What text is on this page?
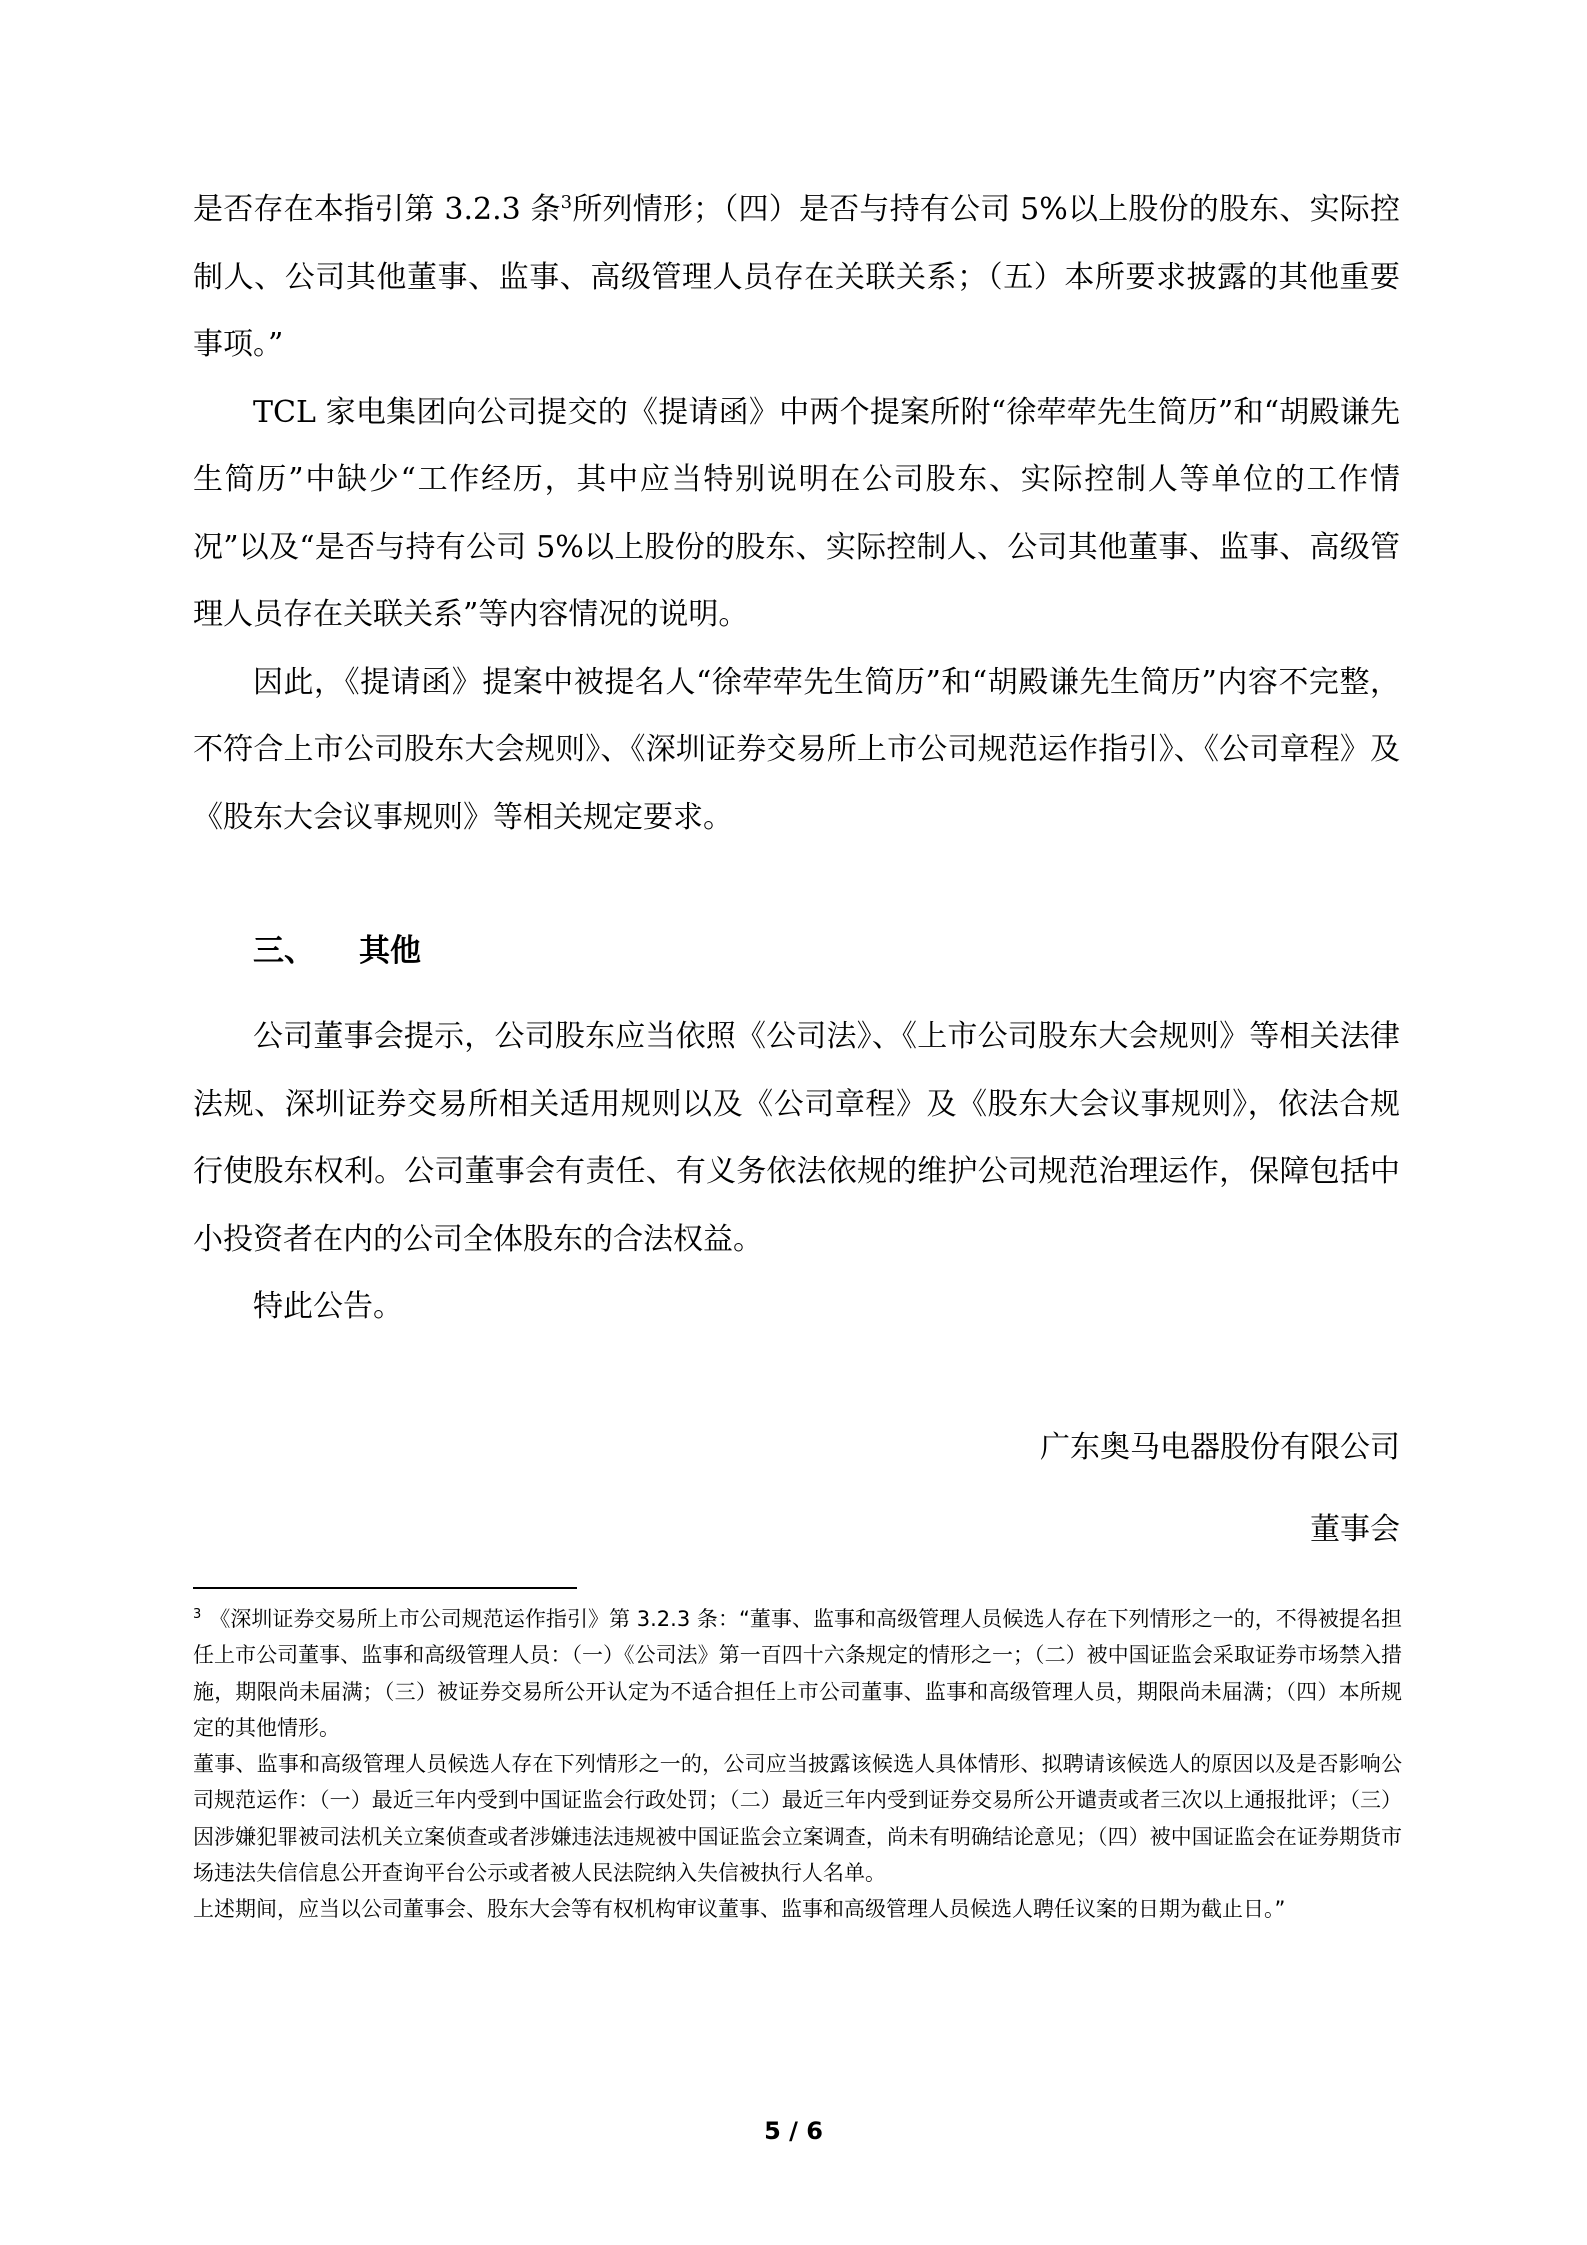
是否存在本指引第 3.2.3 条$^3$所列情形；（四）是否与持有公司 5%以上股份的股东、实际控制人、公司其他董事、监事、高级管理人员存在关联关系；（五）本所要求披露的其他重要事项。”

TCL 家电集团向公司提交的《提请函》中两个提案所附“徐荦荦先生简历”和“胡殿谦先生简历”中缺少“工作经历，其中应当特别说明在公司股东、实际控制人等单位的工作情况”以及“是否与持有公司 5%以上股份的股东、实际控制人、公司其他董事、监事、高级管理人员存在关联关系”等内容情况的说明。

因此，《提请函》提案中被提名人“徐荦荦先生简历”和“胡殿谦先生简历”内容不完整，不符合上市公司股东大会规则》、《深圳证券交易所上市公司规范运作指引》、《公司章程》及《股东大会议事规则》等相关规定要求。

三、 其他

公司董事会提示，公司股东应当依照《公司法》、《上市公司股东大会规则》等相关法律法规、深圳证券交易所相关适用规则以及《公司章程》及《股东大会议事规则》，依法合规行使股东权利。公司董事会有责任、有义务依法依规的维护公司规范治理运作，保障包括中小投资者在内的公司全体股东的合法权益。

特此公告。

广东奥马电器股份有限公司
董事会

$^3$ 《深圳证券交易所上市公司规范运作指引》第 3.2.3 条：“董事、监事和高级管理人员候选人存在下列情形之一的，不得被提名担任上市公司董事、监事和高级管理人员：（一）《公司法》第一百四十六条规定的情形之一；（二）被中国证监会采取证券市场禁入措施，期限尚未届满；（三）被证券交易所公开认定为不适合担任上市公司董事、监事和高级管理人员，期限尚未届满；（四）本所规定的其他情形。

董事、监事和高级管理人员候选人存在下列情形之一的，公司应当披露该候选人具体情形、拟聘请该候选人的原因以及是否影响公司规范运作：（一）最近三年内受到中国证监会行政处罚；（二）最近三年内受到证券交易所公开谴责或者三次以上通报批评；（三）因涉嫌犯罪被司法机关立案侦查或者涉嫌违法违规被中国证监会立案调查，尚未有明确结论意见；（四）被中国证监会在证券期货市场违法失信信息公开查询平台公示或者被人民法院纳入失信被执行人名单。

上述期间，应当以公司董事会、股东大会等有权机构审议董事、监事和高级管理人员候选人聘任议案的日期为截止日。”

5 / 6
